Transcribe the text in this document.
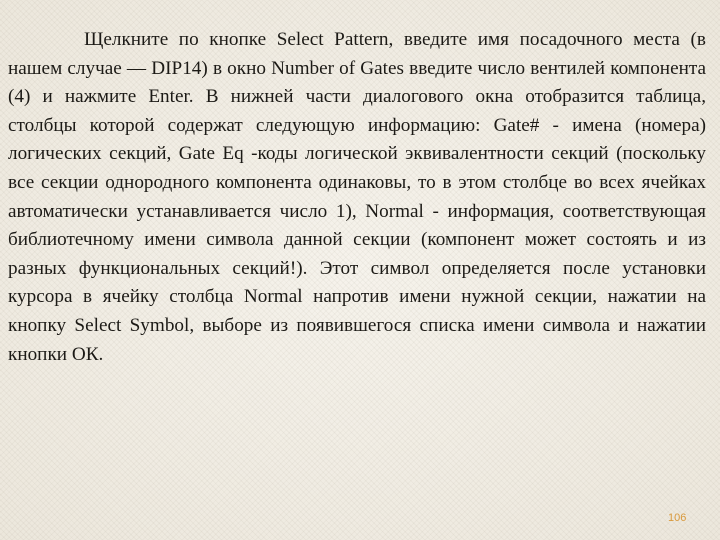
Щелкните по кнопке Select Pattern, введите имя посадочного места (в нашем случае — DIP14) в окно Number of Gates введите число вентилей компонента (4) и нажмите Enter. В нижней части диалогового окна отобразится таблица, столбцы которой содержат следующую информацию: Gate# - имена (номера) логических секций, Gate Eq -коды логической эквивалентности секций (поскольку все секции однородного компонента одинаковы, то в этом столбце во всех ячейках автоматически устанавливается число 1), Normal - информация, соответствующая библиотечному имени символа данной секции (компонент может состоять и из разных функциональных секций!). Этот символ определяется после установки курсора в ячейку столбца Normal напротив имени нужной секции, нажатии на кнопку Select Symbol, выборе из появившегося списка имени символа и нажатии кнопки ОК.

106
